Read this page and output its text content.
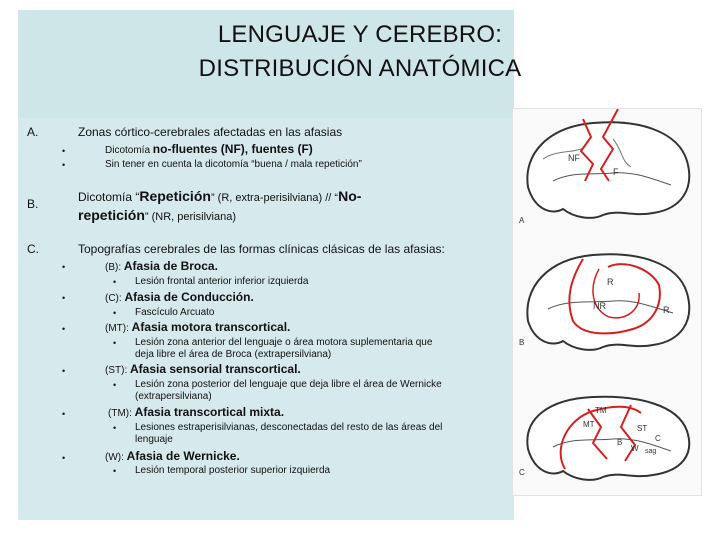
LENGUAJE Y CEREBRO:
DISTRIBUCIÓN ANATÓMICA
A.	Zonas córtico-cerebrales afectadas en las afasias
•	Dicotomía no-fluentes (NF), fuentes (F)
•	Sin tener en cuenta la dicotomía “buena / mala repetición”
B.	Dicotomía “Repetición” (R, extra-perisilviana) // “No-
repetición” (NR, perisilviana)
C.	Topografías cerebrales de las formas clínicas clásicas de las afasias:
•	(B): Afasia de Broca.
• Lesión frontal anterior inferior izquierda
•	(C): Afasia de Conducción.
• Fascículo Arcuato
•	(MT): Afasia motora transcortical.
• Lesión zona anterior del lenguaje o área motora suplementaria que
deja libre el área de Broca (extrapersilviana)
•	(ST): Afasia sensorial transcortical.
• Lesión zona posterior del lenguaje que deja libre el área de Wernicke
(extrapersilviana)
•	(TM): Afasia transcortical mixta.
• Lesiones estraperisilvianas, desconectadas del resto de las áreas del
lenguaje
•	(W): Afasia de Wernicke.
• Lesión temporal posterior superior izquierda
NF
F
A
R
NR	R
B
TM
MT	ST
B	C
W sag
C
